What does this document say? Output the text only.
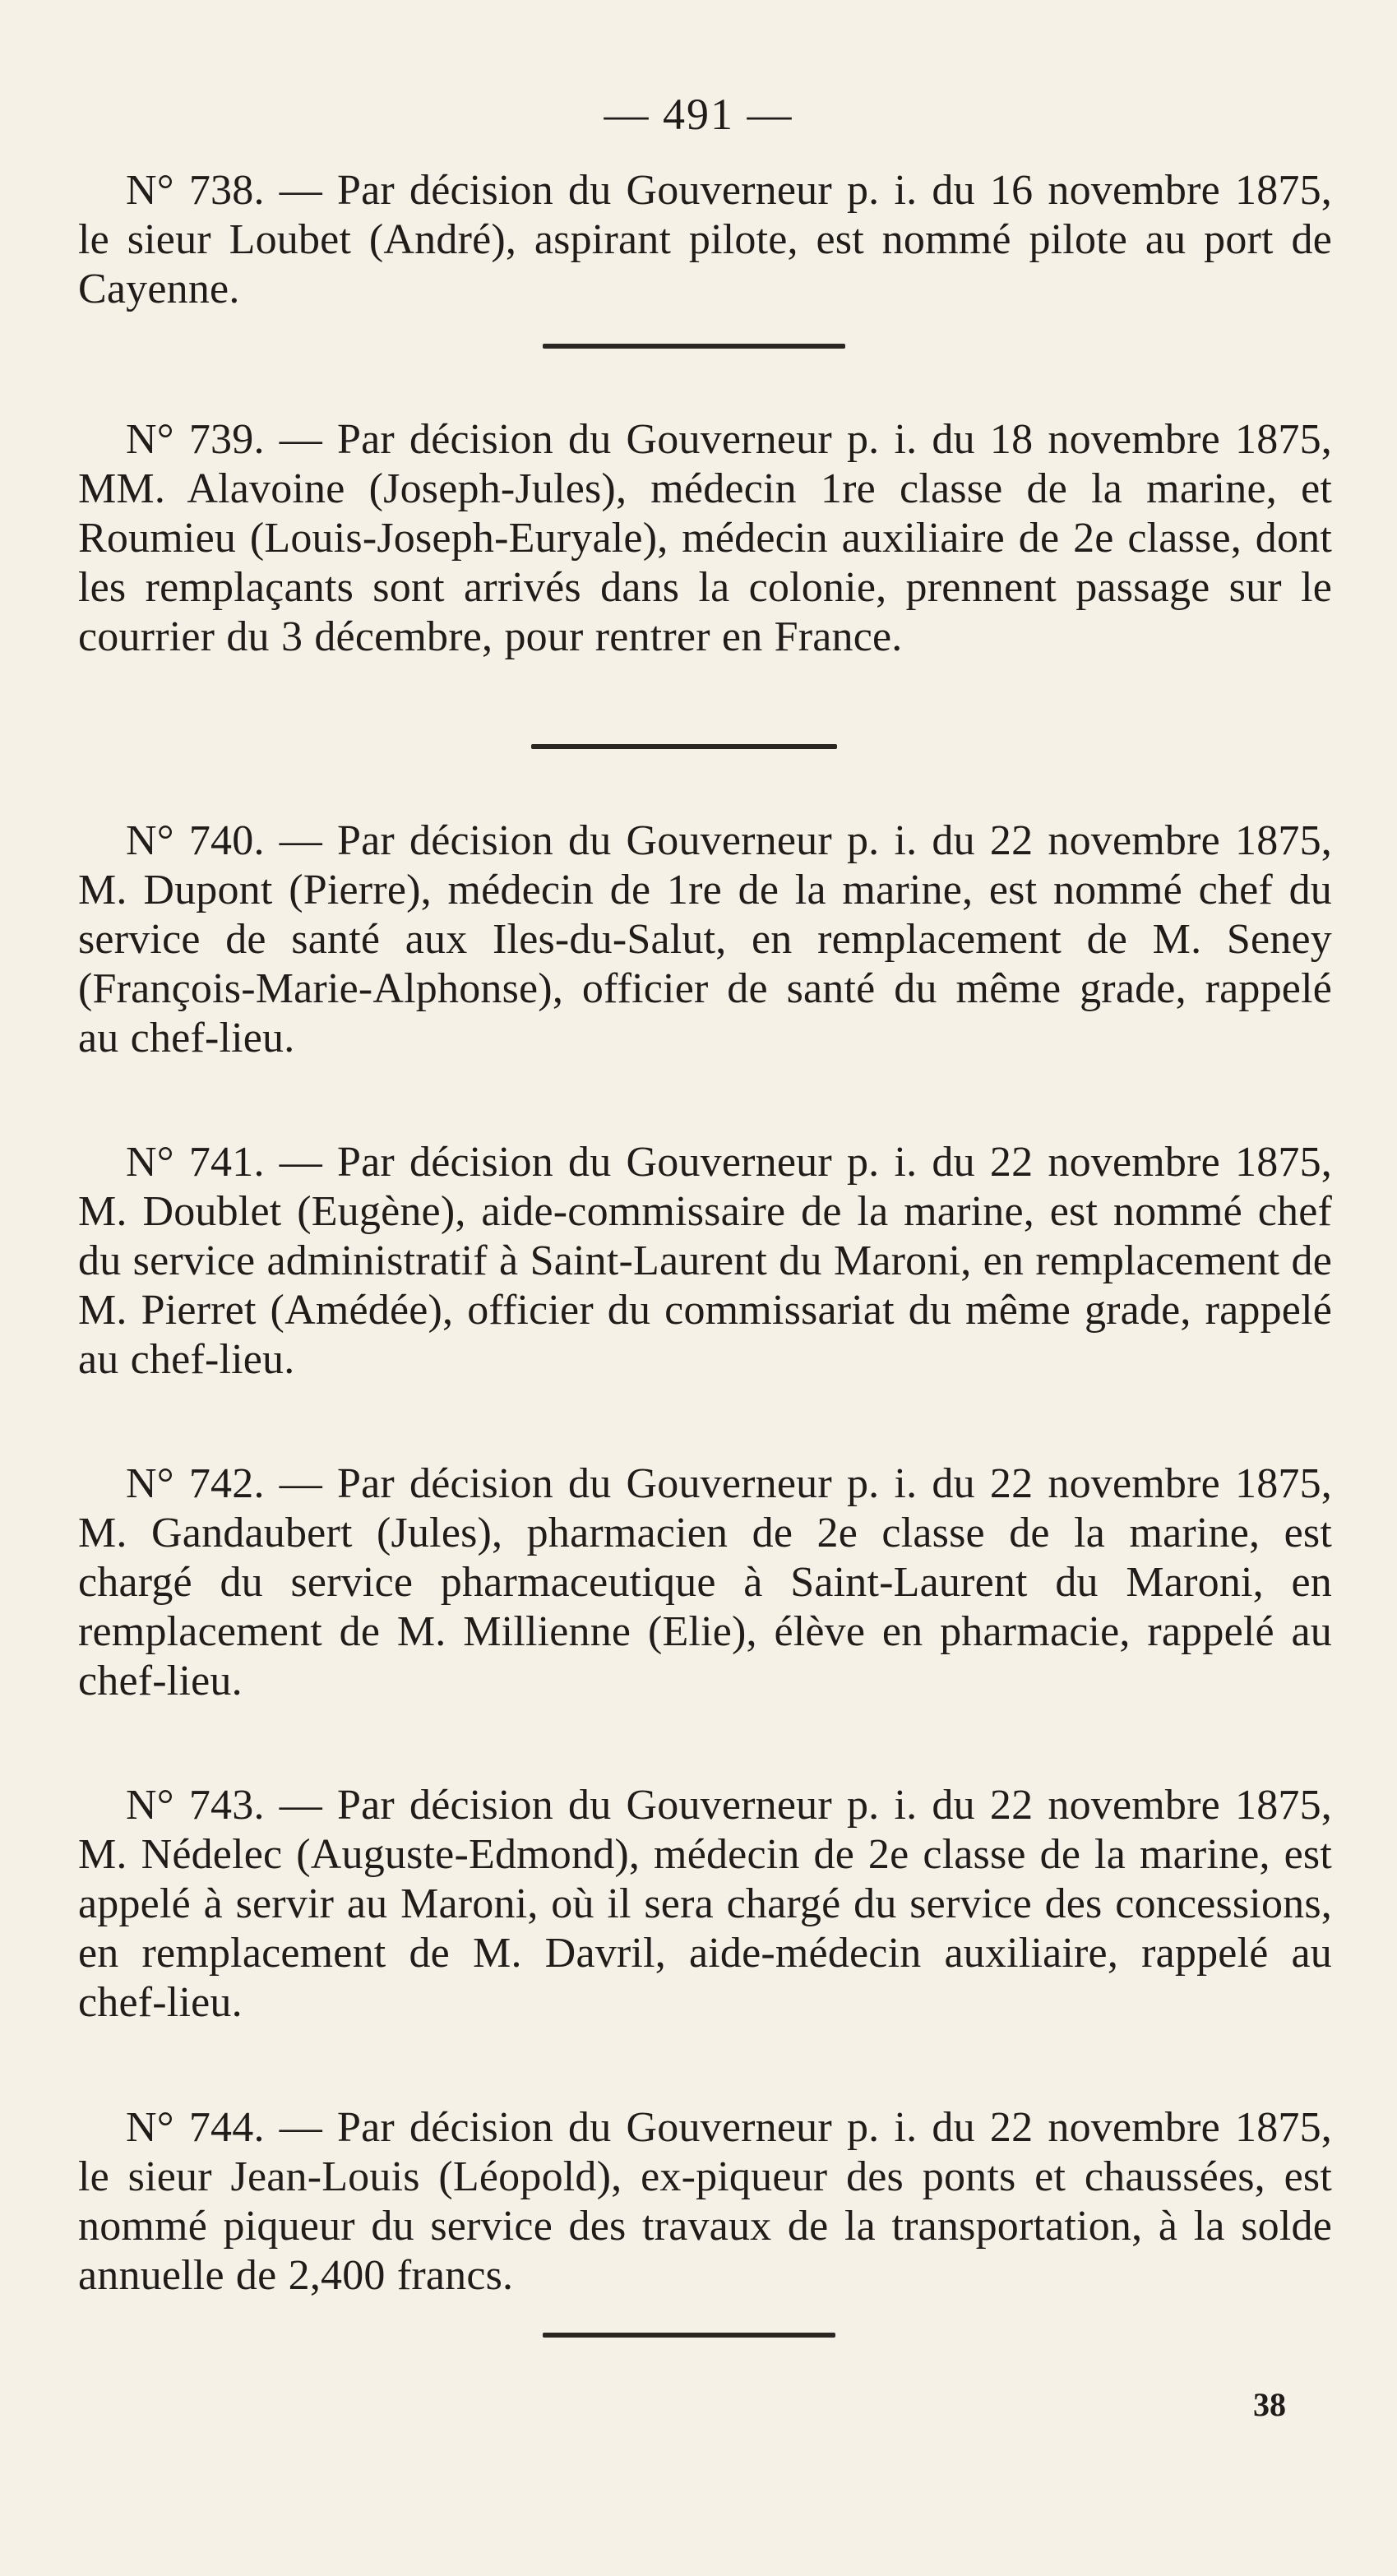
— 491 —

N° 738. — Par décision du Gouverneur p. i. du 16 novembre 1875, le sieur Loubet (André), aspirant pilote, est nommé pilote au port de Cayenne.

N° 739. — Par décision du Gouverneur p. i. du 18 novembre 1875, MM. Alavoine (Joseph-Jules), médecin 1re classe de la marine, et Roumieu (Louis-Joseph-Euryale), médecin auxiliaire de 2e classe, dont les remplaçants sont arrivés dans la colonie, prennent passage sur le courrier du 3 décembre, pour rentrer en France.

N° 740. — Par décision du Gouverneur p. i. du 22 novembre 1875, M. Dupont (Pierre), médecin de 1re de la marine, est nommé chef du service de santé aux Iles-du-Salut, en remplacement de M. Seney (François-Marie-Alphonse), officier de santé du même grade, rappelé au chef-lieu.

N° 741. — Par décision du Gouverneur p. i. du 22 novembre 1875, M. Doublet (Eugène), aide-commissaire de la marine, est nommé chef du service administratif à Saint-Laurent du Maroni, en remplacement de M. Pierret (Amédée), officier du commissariat du même grade, rappelé au chef-lieu.

N° 742. — Par décision du Gouverneur p. i. du 22 novembre 1875, M. Gandaubert (Jules), pharmacien de 2e classe de la marine, est chargé du service pharmaceutique à Saint-Laurent du Maroni, en remplacement de M. Millienne (Elie), élève en pharmacie, rappelé au chef-lieu.

N° 743. — Par décision du Gouverneur p. i. du 22 novembre 1875, M. Nédelec (Auguste-Edmond), médecin de 2e classe de la marine, est appelé à servir au Maroni, où il sera chargé du service des concessions, en remplacement de M. Davril, aide-médecin auxiliaire, rappelé au chef-lieu.

N° 744. — Par décision du Gouverneur p. i. du 22 novembre 1875, le sieur Jean-Louis (Léopold), ex-piqueur des ponts et chaussées, est nommé piqueur du service des travaux de la transportation, à la solde annuelle de 2,400 francs.

38
